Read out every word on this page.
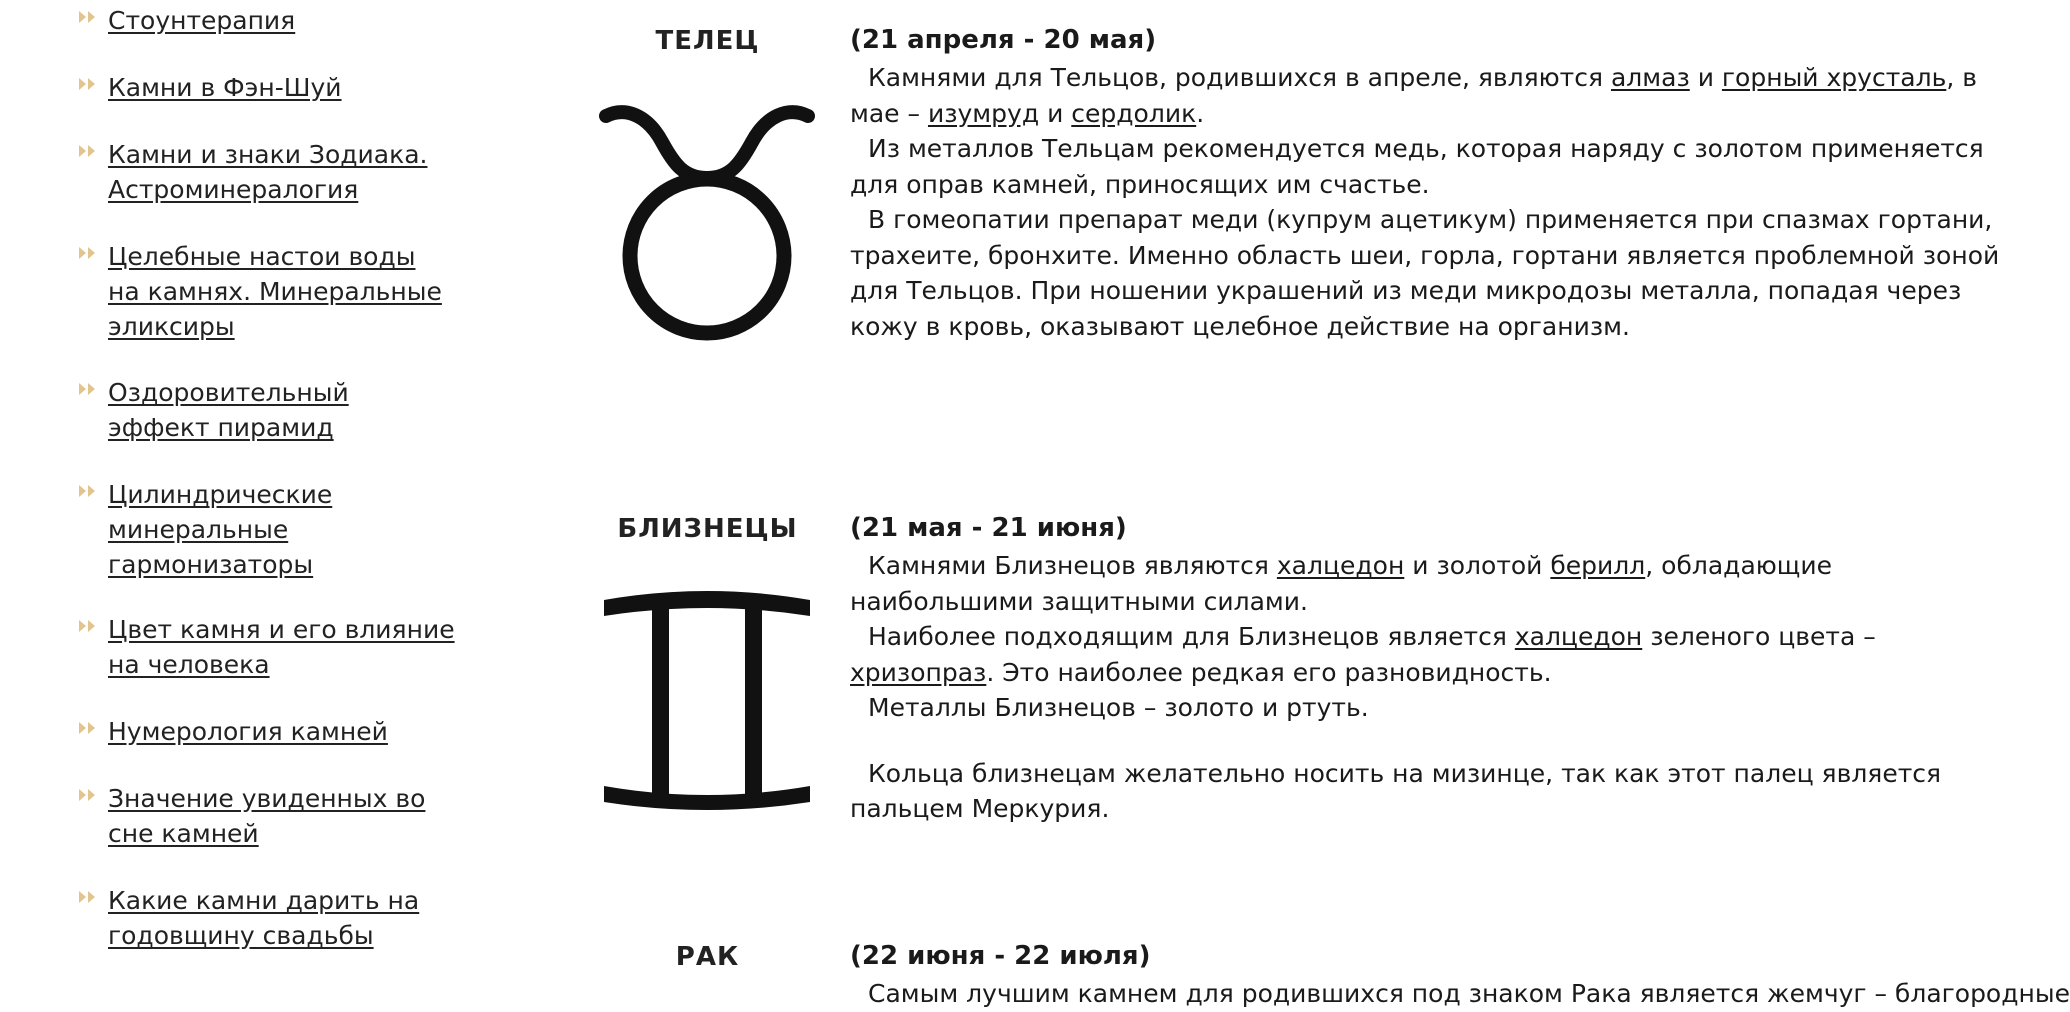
Стоунтерапия
Камни в Фэн-Шуй
Камни и знаки Зодиака.
Астроминералогия
Целебные настои воды
на камнях. Минеральные
эликсиры
Оздоровительный
эффект пирамид
Цилиндрические
минеральные
гармонизаторы
Цвет камня и его влияние
на человека
Нумерология камней
Значение увиденных во
сне камней
Какие камни дарить на
годовщину свадьбы
ТЕЛЕЦ	(21 апреля - 20 мая)

Камнями для Тельцов, родившихся в апреле, являются алмаз и горный хрусталь, в мае – изумруд и сердолик.

Из металлов Тельцам рекомендуется медь, которая наряду с золотом применяется для оправ камней, приносящих им счастье.

В гомеопатии препарат меди (купрум ацетикум) применяется при спазмах гортани, трахеите, бронхите. Именно область шеи, горла, гортани является проблемной зоной для Тельцов. При ношении украшений из меди микродозы металла, попадая через кожу в кровь, оказывают целебное действие на организм.

БЛИЗНЕЦЫ	(21 мая - 21 июня)

Камнями Близнецов являются халцедон и золотой берилл, обладающие наибольшими защитными силами.

Наиболее подходящим для Близнецов является халцедон зеленого цвета – хризопраз. Это наиболее редкая его разновидность.

Металлы Близнецов – золото и ртуть.

Кольца близнецам желательно носить на мизинце, так как этот палец является пальцем Меркурия.

РАК	(22 июня - 22 июля)

Самым лучшим камнем для родившихся под знаком Рака является жемчуг – благородные
